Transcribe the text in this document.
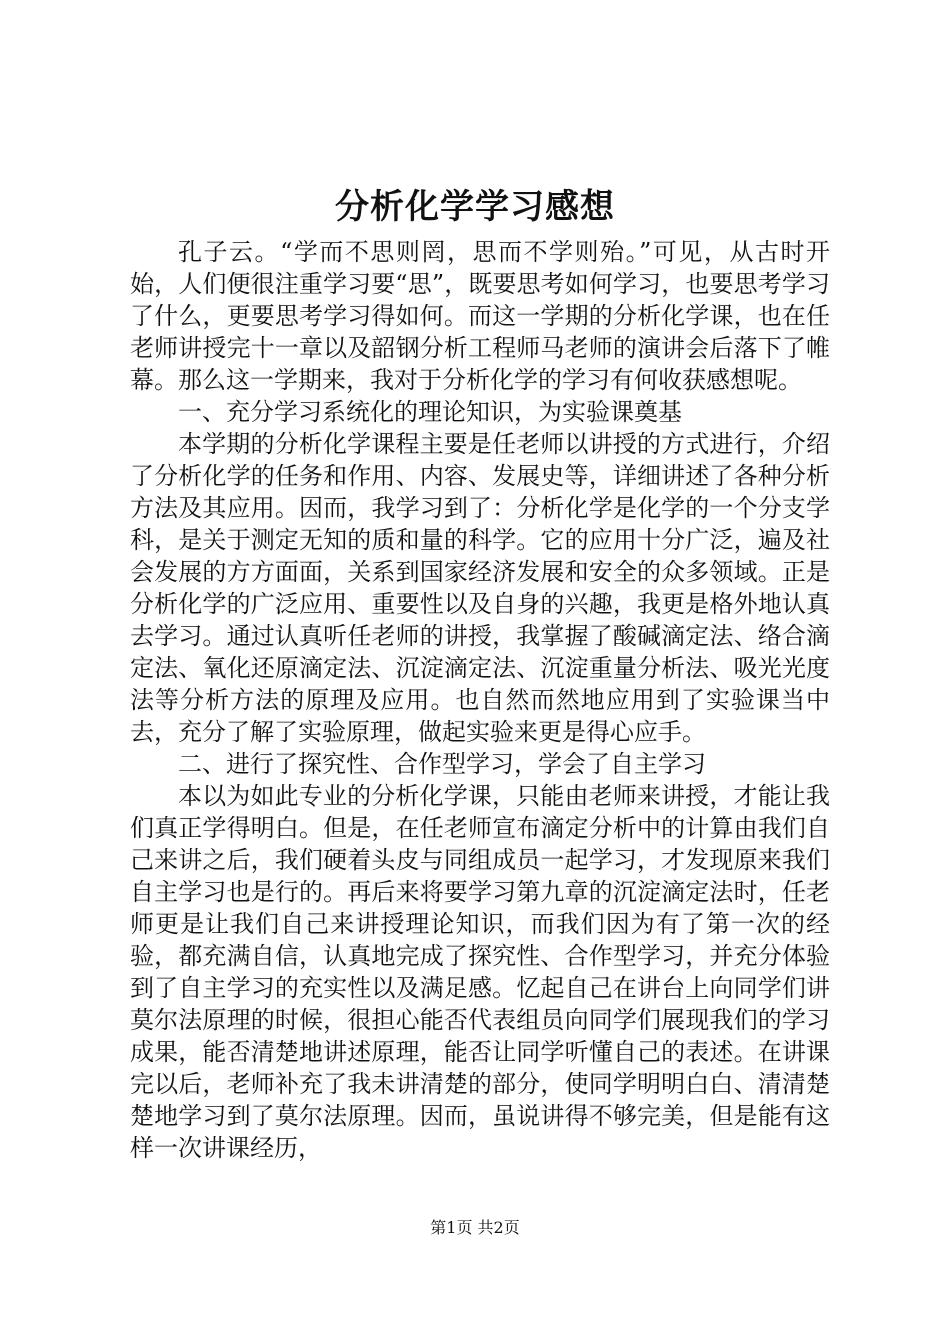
分析化学学习感想

孔子云。“学而不思则罔，思而不学则殆。”可见，从古时开始，人们便很注重学习要“思”，既要思考如何学习，也要思考学习了什么，更要思考学习得如何。而这一学期的分析化学课，也在任老师讲授完十一章以及韶钢分析工程师马老师的演讲会后落下了帷幕。那么这一学期来，我对于分析化学的学习有何收获感想呢。

一、充分学习系统化的理论知识，为实验课奠基

本学期的分析化学课程主要是任老师以讲授的方式进行，介绍了分析化学的任务和作用、内容、发展史等，详细讲述了各种分析方法及其应用。因而，我学习到了：分析化学是化学的一个分支学科，是关于测定无知的质和量的科学。它的应用十分广泛，遍及社会发展的方方面面，关系到国家经济发展和安全的众多领域。正是分析化学的广泛应用、重要性以及自身的兴趣，我更是格外地认真去学习。通过认真听任老师的讲授，我掌握了酸碱滴定法、络合滴定法、氧化还原滴定法、沉淀滴定法、沉淀重量分析法、吸光光度法等分析方法的原理及应用。也自然而然地应用到了实验课当中去，充分了解了实验原理，做起实验来更是得心应手。

二、进行了探究性、合作型学习，学会了自主学习

本以为如此专业的分析化学课，只能由老师来讲授，才能让我们真正学得明白。但是，在任老师宣布滴定分析中的计算由我们自己来讲之后，我们硬着头皮与同组成员一起学习，才发现原来我们自主学习也是行的。再后来将要学习第九章的沉淀滴定法时，任老师更是让我们自己来讲授理论知识，而我们因为有了第一次的经验，都充满自信，认真地完成了探究性、合作型学习，并充分体验到了自主学习的充实性以及满足感。忆起自己在讲台上向同学们讲莫尔法原理的时候，很担心能否代表组员向同学们展现我们的学习成果，能否清楚地讲述原理，能否让同学听懂自己的表述。在讲课完以后，老师补充了我未讲清楚的部分，使同学明明白白、清清楚楚地学习到了莫尔法原理。因而，虽说讲得不够完美，但是能有这样一次讲课经历，

第1页 共2页
